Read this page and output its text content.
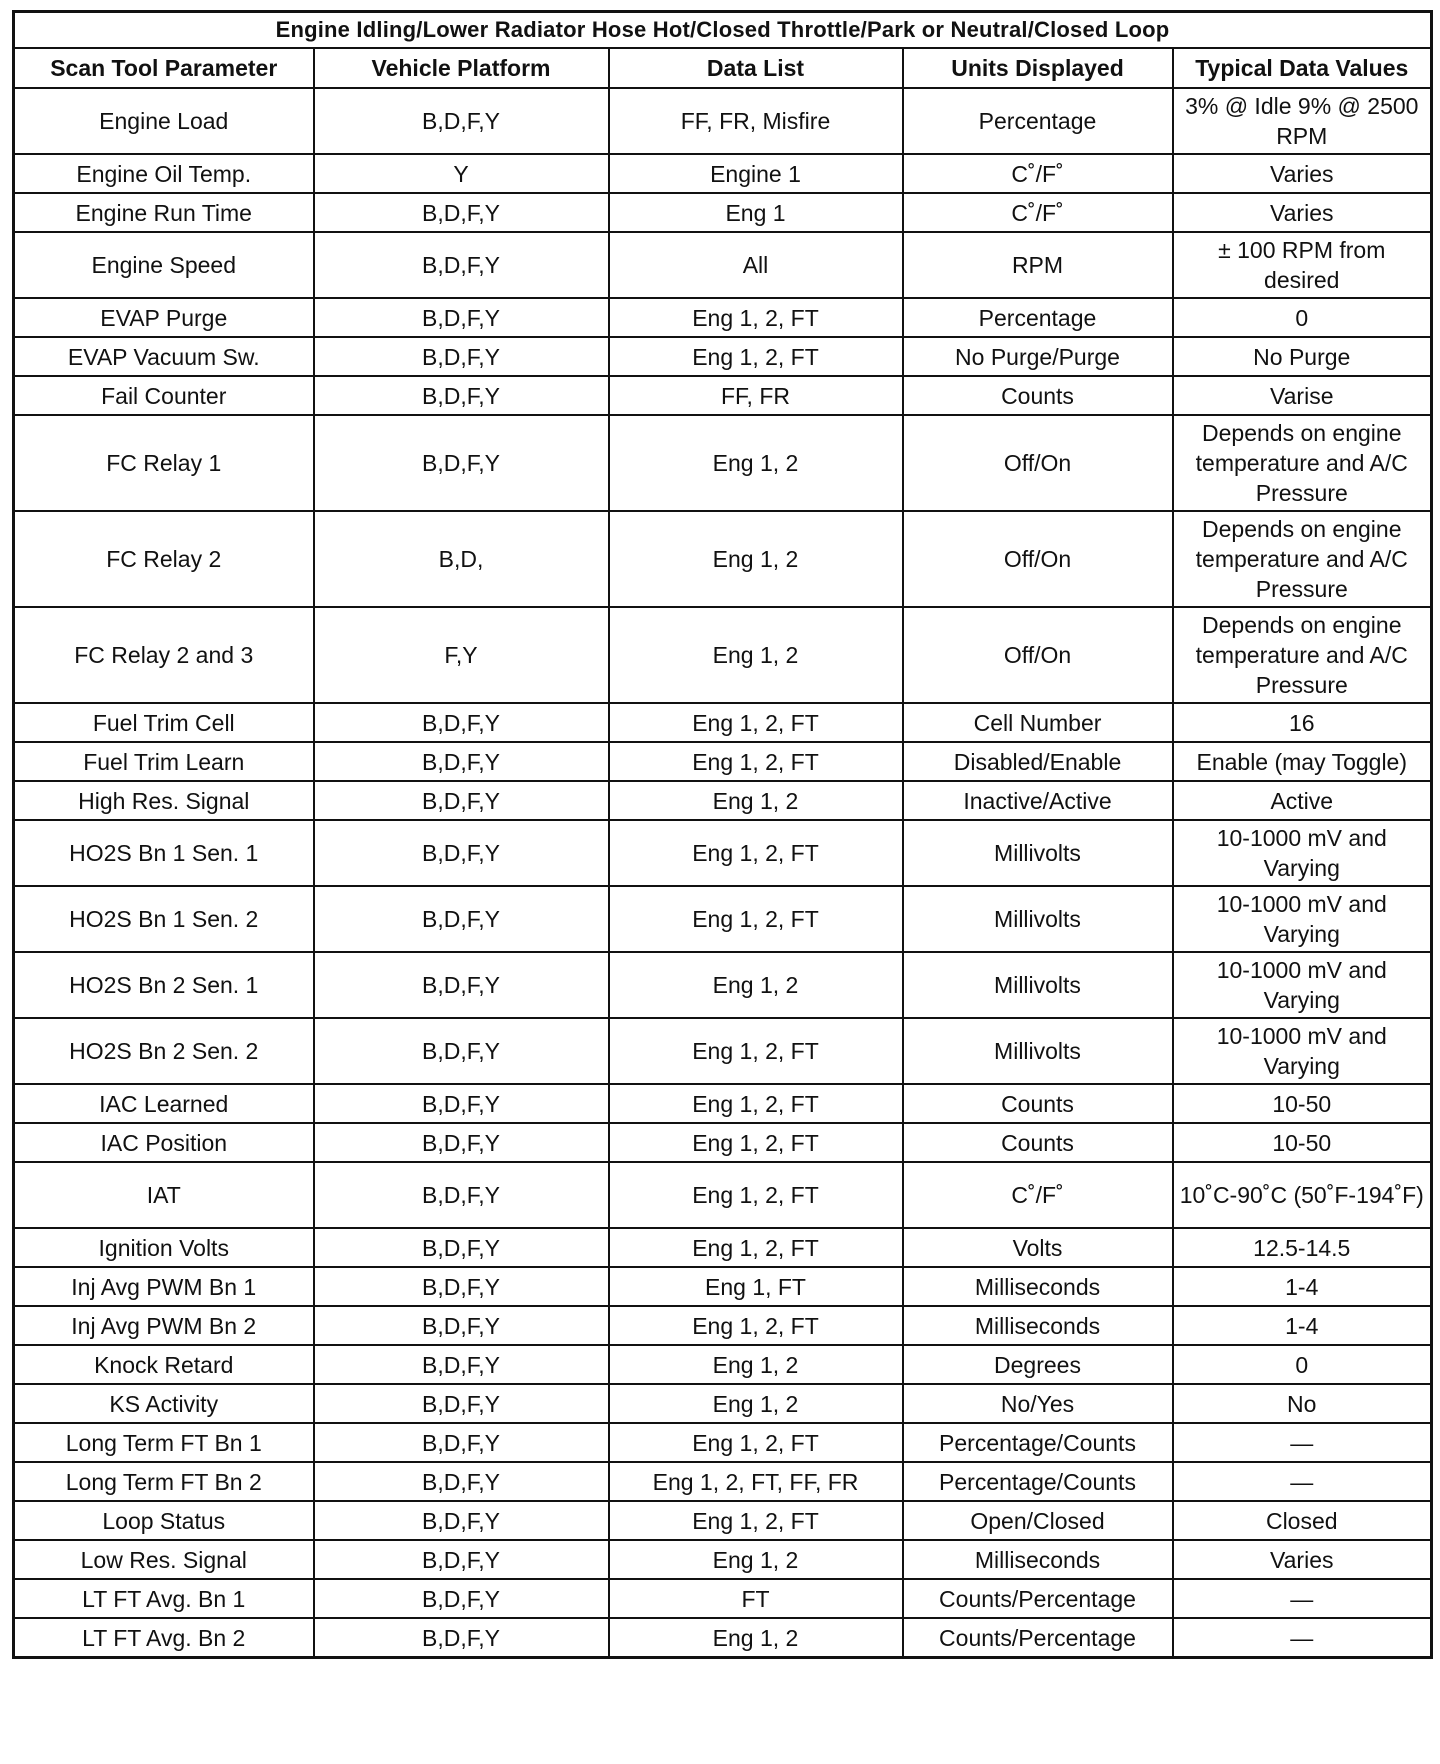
Engine Idling/Lower Radiator Hose Hot/Closed Throttle/Park or Neutral/Closed Loop				
Scan Tool Parameter	Vehicle Platform	Data List	Units Displayed	Typical Data Values
Engine Load	B,D,F,Y	FF, FR, Misfire	Percentage	3% @ Idle 9% @ 2500 RPM
Engine Oil Temp.	Y	Engine 1	C˚/F˚	Varies
Engine Run Time	B,D,F,Y	Eng 1	C˚/F˚	Varies
Engine Speed	B,D,F,Y	All	RPM	± 100 RPM from desired
EVAP Purge	B,D,F,Y	Eng 1, 2, FT	Percentage	0
EVAP Vacuum Sw.	B,D,F,Y	Eng 1, 2, FT	No Purge/Purge	No Purge
Fail Counter	B,D,F,Y	FF, FR	Counts	Varise
FC Relay 1	B,D,F,Y	Eng 1, 2	Off/On	Depends on engine temperature and A/C Pressure
FC Relay 2	B,D,	Eng 1, 2	Off/On	Depends on engine temperature and A/C Pressure
FC Relay 2 and 3	F,Y	Eng 1, 2	Off/On	Depends on engine temperature and A/C Pressure
Fuel Trim Cell	B,D,F,Y	Eng 1, 2, FT	Cell Number	16
Fuel Trim Learn	B,D,F,Y	Eng 1, 2, FT	Disabled/Enable	Enable (may Toggle)
High Res. Signal	B,D,F,Y	Eng 1, 2	Inactive/Active	Active
HO2S Bn 1 Sen. 1	B,D,F,Y	Eng 1, 2, FT	Millivolts	10-1000 mV and Varying
HO2S Bn 1 Sen. 2	B,D,F,Y	Eng 1, 2, FT	Millivolts	10-1000 mV and Varying
HO2S Bn 2 Sen. 1	B,D,F,Y	Eng 1, 2	Millivolts	10-1000 mV and Varying
HO2S Bn 2 Sen. 2	B,D,F,Y	Eng 1, 2, FT	Millivolts	10-1000 mV and Varying
IAC Learned	B,D,F,Y	Eng 1, 2, FT	Counts	10-50
IAC Position	B,D,F,Y	Eng 1, 2, FT	Counts	10-50
IAT	B,D,F,Y	Eng 1, 2, FT	C˚/F˚	10˚C-90˚C (50˚F-194˚F)
Ignition Volts	B,D,F,Y	Eng 1, 2, FT	Volts	12.5-14.5
Inj Avg PWM Bn 1	B,D,F,Y	Eng 1, FT	Milliseconds	1-4
Inj Avg PWM Bn 2	B,D,F,Y	Eng 1, 2, FT	Milliseconds	1-4
Knock Retard	B,D,F,Y	Eng 1, 2	Degrees	0
KS Activity	B,D,F,Y	Eng 1, 2	No/Yes	No
Long Term FT Bn 1	B,D,F,Y	Eng 1, 2, FT	Percentage/Counts	—
Long Term FT Bn 2	B,D,F,Y	Eng 1, 2, FT, FF, FR	Percentage/Counts	—
Loop Status	B,D,F,Y	Eng 1, 2, FT	Open/Closed	Closed
Low Res. Signal	B,D,F,Y	Eng 1, 2	Milliseconds	Varies
LT FT Avg. Bn 1	B,D,F,Y	FT	Counts/Percentage	—
LT FT Avg. Bn 2	B,D,F,Y	Eng 1, 2	Counts/Percentage	—
